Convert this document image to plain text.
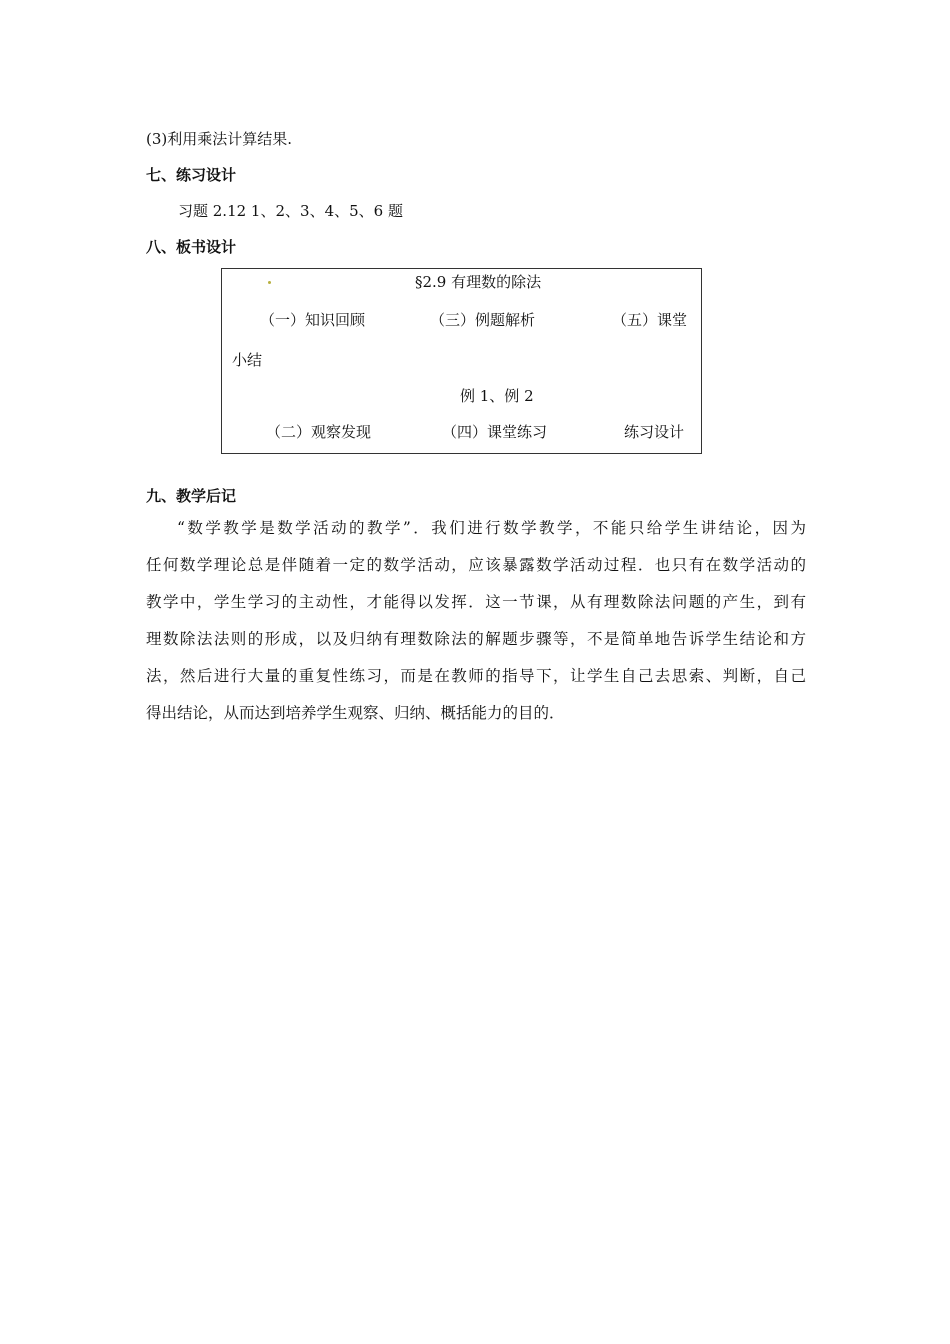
(3)利用乘法计算结果.
七、练习设计
习题 2.12 1、2、3、4、5、6 题
八、板书设计
§2.9 有理数的除法
（一）知识回顾	（三）例题解析	（五）课堂
小结
例 1、例 2
（二）观察发现	（四）课堂练习	练习设计
九、教学后记

“数学教学是数学活动的教学”．我们进行数学教学，不能只给学生讲结论，因为

任何数学理论总是伴随着一定的数学活动，应该暴露数学活动过程．也只有在数学活动的

教学中，学生学习的主动性，才能得以发挥．这一节课，从有理数除法问题的产生，到有

理数除法法则的形成，以及归纳有理数除法的解题步骤等，不是简单地告诉学生结论和方

法，然后进行大量的重复性练习，而是在教师的指导下，让学生自己去思索、判断，自己

得出结论，从而达到培养学生观察、归纳、概括能力的目的．
